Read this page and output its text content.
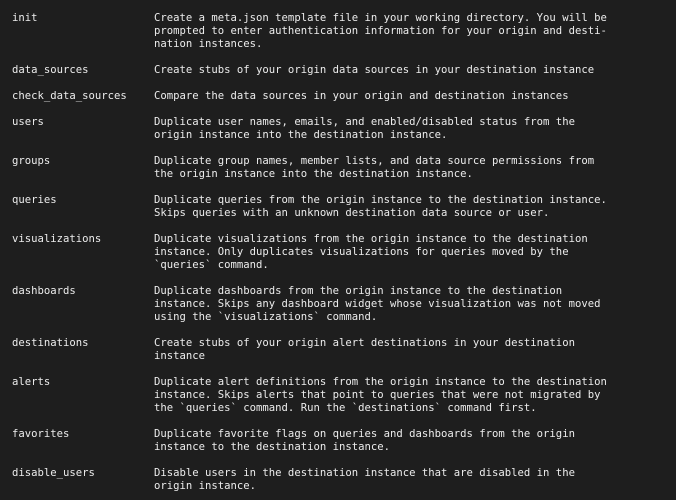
init	Create a meta.json template file in your working directory. You will be
prompted to enter authentication information for your origin and desti-
nation instances.
data_sources	Create stubs of your origin data sources in your destination instance
check_data_sources	Compare the data sources in your origin and destination instances
users	Duplicate user names, emails, and enabled/disabled status from the
origin instance into the destination instance.
groups	Duplicate group names, member lists, and data source permissions from
the origin instance into the destination instance.
queries	Duplicate queries from the origin instance to the destination instance.
Skips queries with an unknown destination data source or user.
visualizations	Duplicate visualizations from the origin instance to the destination
instance. Only duplicates visualizations for queries moved by the
`queries` command.
dashboards	Duplicate dashboards from the origin instance to the destination
instance. Skips any dashboard widget whose visualization was not moved
using the `visualizations` command.
destinations	Create stubs of your origin alert destinations in your destination
instance
alerts	Duplicate alert definitions from the origin instance to the destination
instance. Skips alerts that point to queries that were not migrated by
the `queries` command. Run the `destinations` command first.
favorites	Duplicate favorite flags on queries and dashboards from the origin
instance to the destination instance.
disable_users	Disable users in the destination instance that are disabled in the
origin instance.
